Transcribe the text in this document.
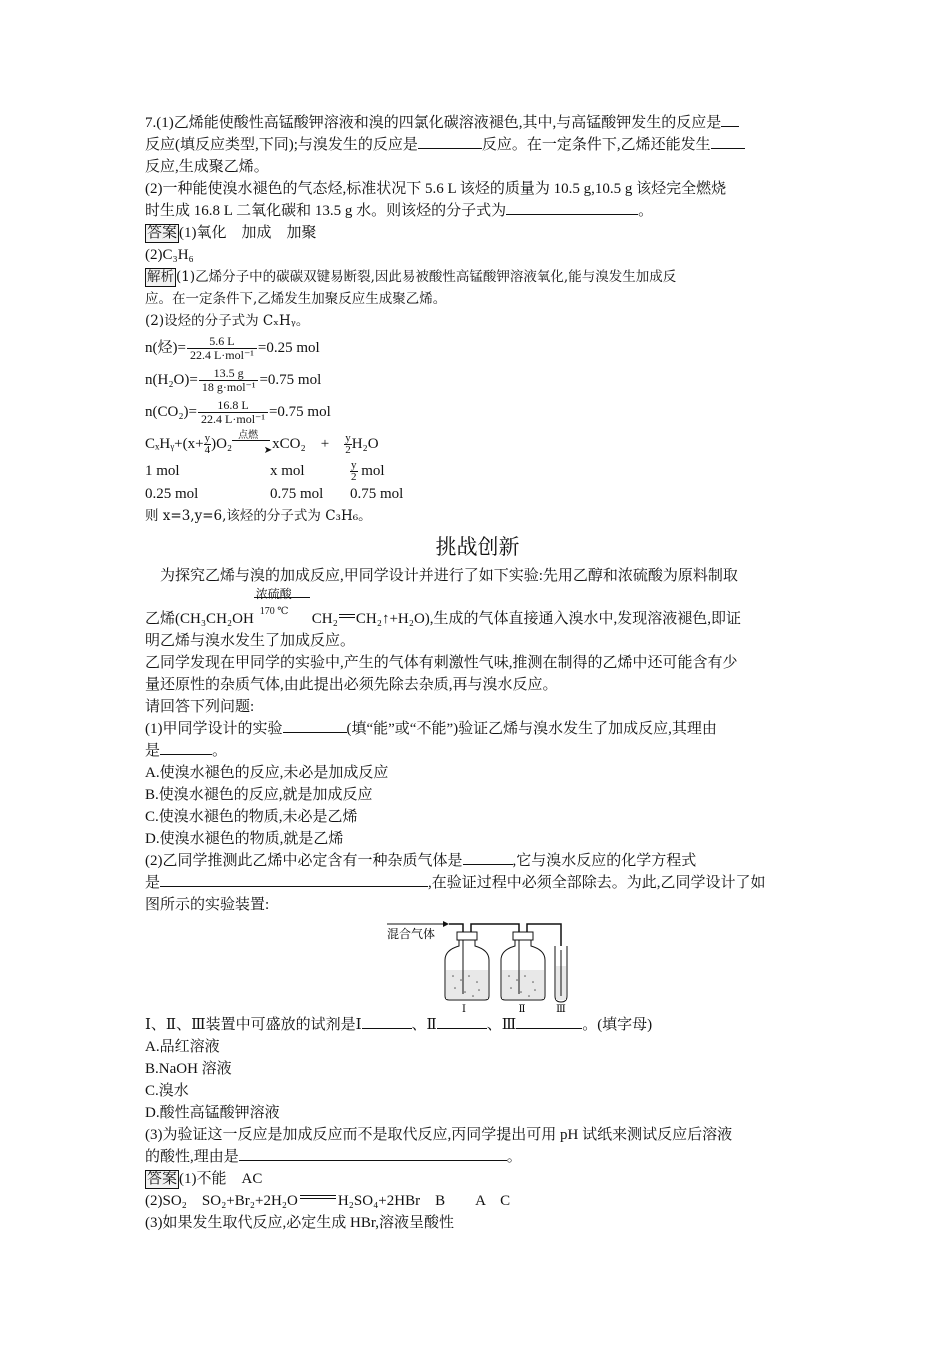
7.(1)乙烯能使酸性高锰酸钾溶液和溴的四氯化碳溶液褪色,其中,与高锰酸钾发生的反应是

反应(填反应类型,下同);与溴发生的反应是	反应。在一定条件下,乙烯还能发生

反应,生成聚乙烯。

(2)一种能使溴水褪色的气态烃,标准状况下 5.6 L 该烃的质量为 10.5 g,10.5 g 该烃完全燃烧

时生成 16.8 L 二氧化碳和 13.5 g 水。则该烃的分子式为	。

答案 (1)氧化　加成　加聚

(2)C₃H₆

解析 (1)乙烯分子中的碳碳双键易断裂,因此易被酸性高锰酸钾溶液氧化,能与溴发生加成反

应。在一定条件下,乙烯发生加聚反应生成聚乙烯。

(2)设烃的分子式为 CₓHᵧ。

n(烃)= $\frac{5.6 L}{\text{22.4 L·mol⁻¹}} =0.25$ mol

$n(H_2O)= \frac{13.5 g}{\text{18 g·mol⁻¹}} =0.75$ mol

$n(CO_2)= \frac{16.8 L}{\text{22.4 L·mol⁻¹}} =0.75$ mol

CₓHᵧ+(x+ $\frac{y}{4} )O_2$
点燃
➤ xCO₂　+　 $\frac{y}{2} H_2O$

1 mol	x mol	$\frac{y}{2}$ mol

0.25 mol	0.75 mol 0.75 mol

则 x=3,y=6,该烃的分子式为 C₃H₆。

挑战创新

　为探究乙烯与溴的加成反应,甲同学设计并进行了如下实验:先用乙醇和浓硫酸为原料制取

乙烯(CH₃CH₂OH
浓硫酸
170 ℃ CH₂ CH₂↑+H₂O),生成的气体直接通入溴水中,发现溶液褪色,即证

明乙烯与溴水发生了加成反应。

乙同学发现在甲同学的实验中,产生的气体有刺激性气味,推测在制得的乙烯中还可能含有少

量还原性的杂质气体,由此提出必须先除去杂质,再与溴水反应。

请回答下列问题:

(1)甲同学设计的实验	(填“能”或“不能”)验证乙烯与溴水发生了加成反应,其理由

是	。

A.使溴水褪色的反应,未必是加成反应

B.使溴水褪色的反应,就是加成反应

C.使溴水褪色的物质,未必是乙烯

D.使溴水褪色的物质,就是乙烯

(2)乙同学推测此乙烯中必定含有一种杂质气体是	,它与溴水反应的化学方程式

是	,在验证过程中必须全部除去。为此,乙同学设计了如

图所示的实验装置:

混合气体
Ⅰ	Ⅱ	Ⅲ

Ⅰ、Ⅱ、Ⅲ装置中可盛放的试剂是Ⅰ	、Ⅱ	、Ⅲ	。(填字母)

A.品红溶液

B.NaOH 溶液

C.溴水

D.酸性高锰酸钾溶液

(3)为验证这一反应是加成反应而不是取代反应,丙同学提出可用 pH 试纸来测试反应后溶液

的酸性,理由是	。

答案 (1)不能　AC

(2)SO₂　SO₂+Br₂+2H₂O	H₂SO₄+2HBr　B　　A　C

(3)如果发生取代反应,必定生成 HBr,溶液呈酸性
